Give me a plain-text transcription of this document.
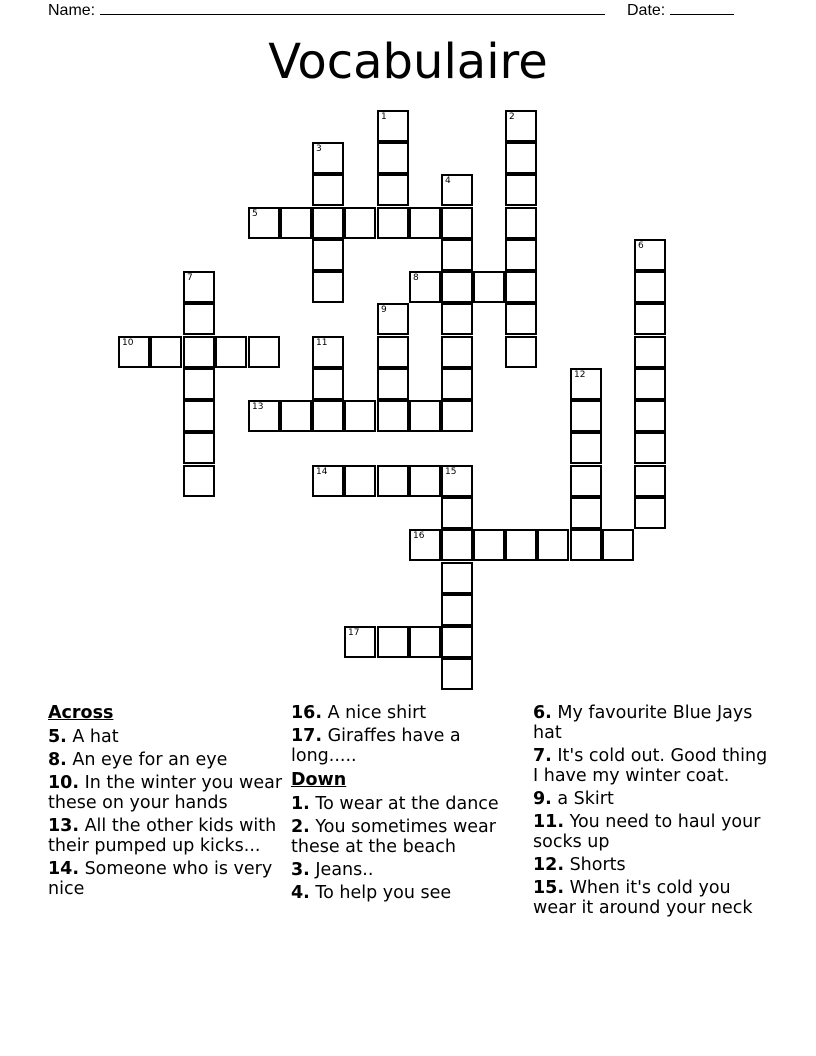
Name:	Date:
Vocabulaire
1	2
3
4
5
6
7	8
9
10	11
12
13
14	15
16
17
Across
5. A hat
8. An eye for an eye
10. In the winter you wear these on your hands
13. All the other kids with their pumped up kicks...
14. Someone who is very nice
16. A nice shirt
17. Giraffes have a long.....
Down
1. To wear at the dance
2. You sometimes wear these at the beach
3. Jeans..
4. To help you see
6. My favourite Blue Jays hat
7. It's cold out. Good thing I have my winter coat.
9. a Skirt
11. You need to haul your socks up
12. Shorts
15. When it's cold you wear it around your neck
